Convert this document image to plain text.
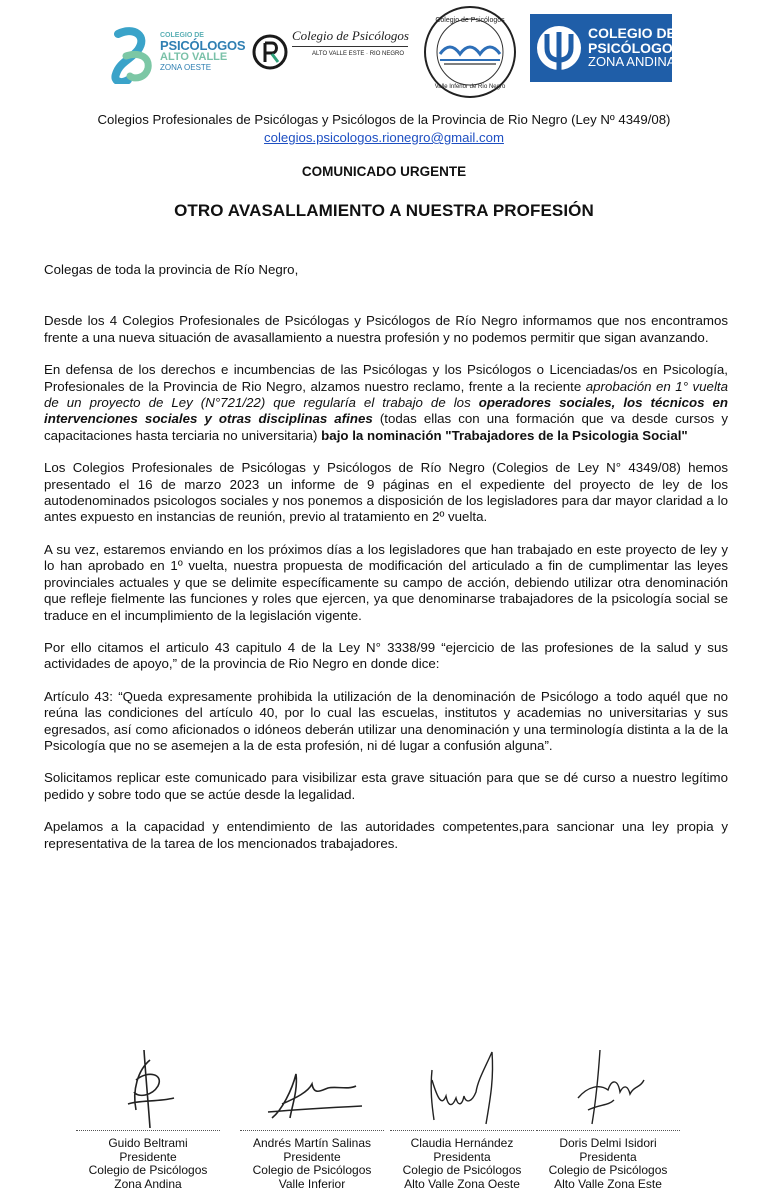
COLEGIO DE
PSICÓLOGOS
ALTO VALLE
ZONA OESTE
Colegio de Psicólogos
ALTO VALLE ESTE · RIO NEGRO
Colegio de Psicólogos
Valle Inferior de Río Negro
COLEGIO DE
PSICÓLOGOS
ZONA ANDINA
Colegios Profesionales de Psicólogas y Psicólogos de la Provincia de Rio Negro (Ley Nº 4349/08)
colegios.psicologos.rionegro@gmail.com
COMUNICADO URGENTE
OTRO AVASALLAMIENTO A NUESTRA PROFESIÓN

Colegas de toda la provincia de Río Negro,

Desde los 4 Colegios Profesionales de Psicólogas y Psicólogos de Río Negro informamos que nos encontramos frente a una nueva situación de avasallamiento a nuestra profesión y no podemos permitir que sigan avanzando.

En defensa de los derechos e incumbencias de las Psicólogas y los Psicólogos o Licenciadas/os en Psicología, Profesionales de la Provincia de Rio Negro, alzamos nuestro reclamo, frente a la reciente aprobación en 1° vuelta de un proyecto de Ley (N°721/22) que regularía el trabajo de los operadores sociales, los técnicos en intervenciones sociales y otras disciplinas afines (todas ellas con una formación que va desde cursos y capacitaciones hasta terciaria no universitaria) bajo la nominación "Trabajadores de la Psicologia Social"

Los Colegios Profesionales de Psicólogas y Psicólogos de Río Negro (Colegios de Ley N° 4349/08) hemos presentado el 16 de marzo 2023 un informe de 9 páginas en el expediente del proyecto de ley de los autodenominados psicologos sociales y nos ponemos a disposición de los legisladores para dar mayor claridad a lo antes expuesto en instancias de reunión, previo al tratamiento en 2º vuelta.

A su vez, estaremos enviando en los próximos días a los legisladores que han trabajado en este proyecto de ley y lo han aprobado en 1º vuelta, nuestra propuesta de modificación del articulado a fin de cumplimentar las leyes provinciales actuales y que se delimite específicamente su campo de acción, debiendo utilizar otra denominación que refleje fielmente las funciones y roles que ejercen, ya que denominarse trabajadores de la psicología social se traduce en el incumplimiento de la legislación vigente.

Por ello citamos el articulo 43 capitulo 4 de la Ley N° 3338/99 “ejercicio de las profesiones de la salud y sus actividades de apoyo,” de la provincia de Rio Negro en donde dice:

Artículo 43: “Queda expresamente prohibida la utilización de la denominación de Psicólogo a todo aquél que no reúna las condiciones del artículo 40, por lo cual las escuelas, institutos y academias no universitarias y sus egresados, así como aficionados o idóneos deberán utilizar una denominación y una terminología distinta a la de la Psicología que no se asemejen a la de esta profesión, ni dé lugar a confusión alguna”.

Solicitamos replicar este comunicado para visibilizar esta grave situación para que se dé curso a nuestro legítimo pedido y sobre todo que se actúe desde la legalidad.

Apelamos a la capacidad y entendimiento de las autoridades competentes,para sancionar una ley propia y representativa de la tarea de los mencionados trabajadores.

Guido Beltrami
Presidente
Colegio de Psicólogos
Zona Andina
Andrés Martín Salinas
Presidente
Colegio de Psicólogos
Valle Inferior
Claudia Hernández
Presidenta
Colegio de Psicólogos
Alto Valle Zona Oeste
Doris Delmi Isidori
Presidenta
Colegio de Psicólogos
Alto Valle Zona Este
